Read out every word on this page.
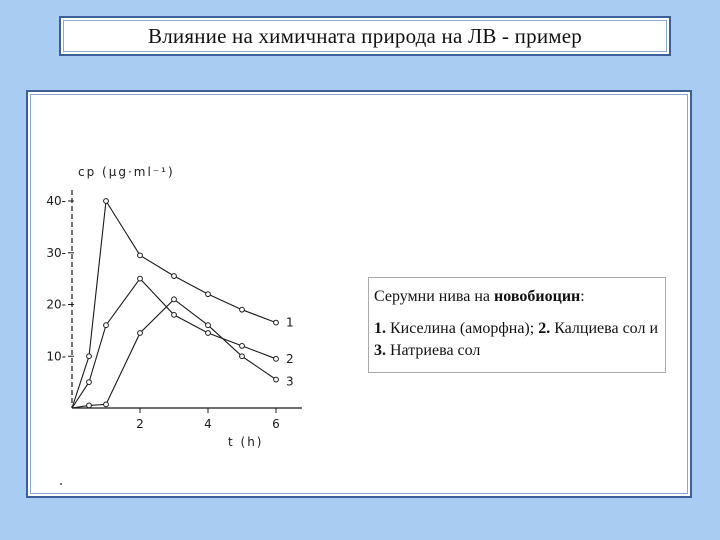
Влияние на химичната природа на ЛВ - пример
10-
20-
30-
40-
2	4	6
cp (µg·ml⁻¹)
t (h)
1
2
3

Серумни нива на новобиоцин:

1. Киселина (аморфна); 2. Калциева сол и 3. Натриева сол
